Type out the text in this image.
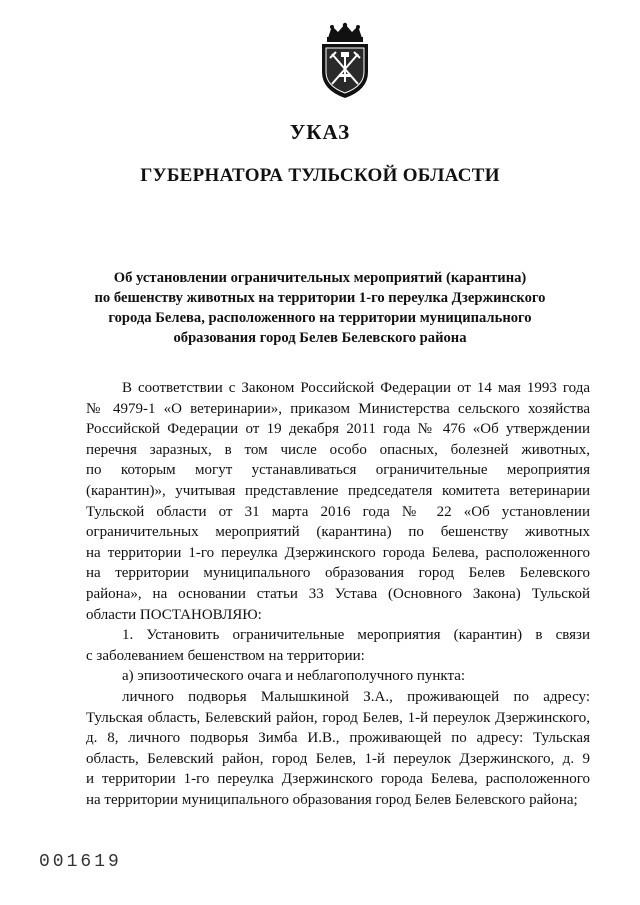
УКАЗ
ГУБЕРНАТОРА ТУЛЬСКОЙ ОБЛАСТИ
Об установлении ограничительных мероприятий (карантина)
по бешенству животных на территории 1-го переулка Дзержинского
города Белева, расположенного на территории муниципального
образования город Белев Белевского района
В соответствии с Законом Российской Федерации от 14 мая 1993 года
№ 4979-1 «О ветеринарии», приказом Министерства сельского хозяйства
Российской Федерации от 19 декабря 2011 года № 476 «Об утверждении
перечня заразных, в том числе особо опасных, болезней животных,
по которым могут устанавливаться ограничительные мероприятия
(карантин)», учитывая представление председателя комитета ветеринарии
Тульской области от 31 марта 2016 года № 22 «Об установлении
ограничительных мероприятий (карантина) по бешенству животных
на территории 1-го переулка Дзержинского города Белева, расположенного
на территории муниципального образования город Белев Белевского
района», на основании статьи 33 Устава (Основного Закона) Тульской
области ПОСТАНОВЛЯЮ:
1. Установить ограничительные мероприятия (карантин) в связи
с заболеванием бешенством на территории:
а) эпизоотического очага и неблагополучного пункта:
личного подворья Малышкиной З.А., проживающей по адресу:
Тульская область, Белевский район, город Белев, 1-й переулок Дзержинского,
д. 8, личного подворья Зимба И.В., проживающей по адресу: Тульская
область, Белевский район, город Белев, 1-й переулок Дзержинского, д. 9
и территории 1-го переулка Дзержинского города Белева, расположенного
на территории муниципального образования город Белев Белевского района;
001619
